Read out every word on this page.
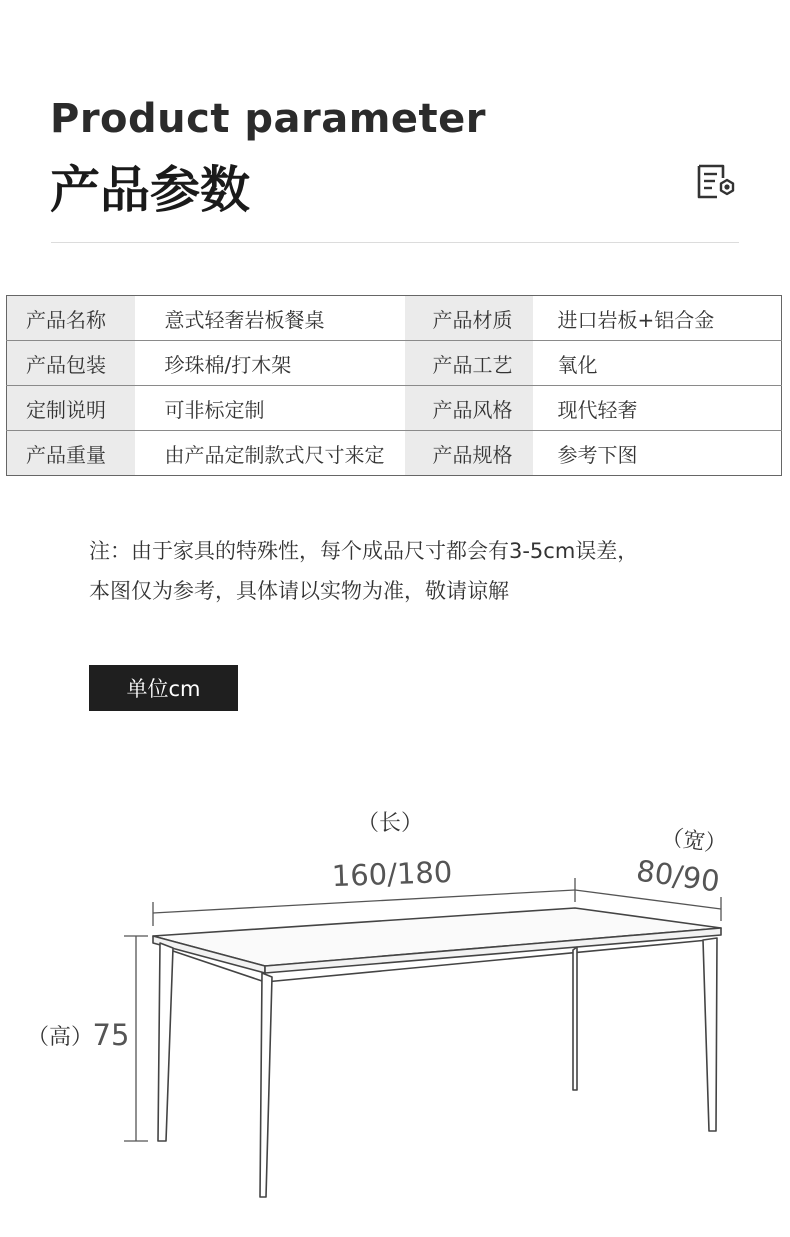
Product parameter
产品参数
产品名称	意式轻奢岩板餐桌	产品材质	进口岩板+铝合金
产品包装	珍珠棉/打木架	产品工艺	氧化
定制说明	可非标定制	产品风格	现代轻奢
产品重量	由产品定制款式尺寸来定	产品规格	参考下图

注：由于家具的特殊性，每个成品尺寸都会有3-5cm误差，

本图仅为参考，具体请以实物为准，敬请谅解

单位cm
（长）
160/180
（宽）
80/90
（高） 75
